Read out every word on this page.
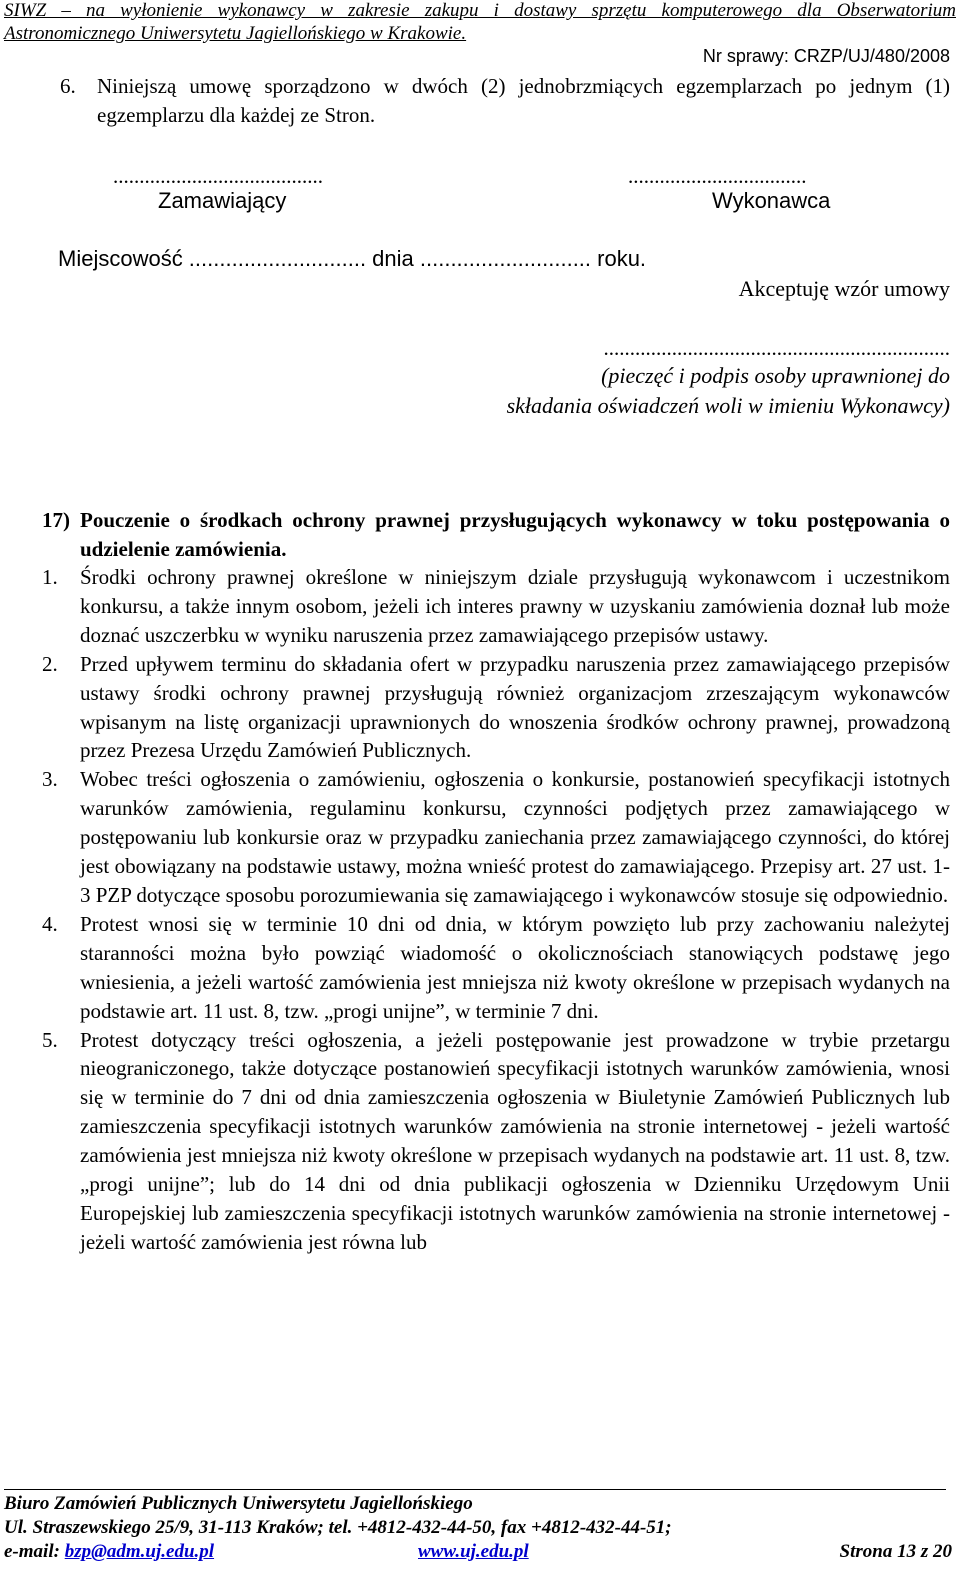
SIWZ – na wyłonienie wykonawcy w zakresie zakupu i dostawy sprzętu komputerowego dla Obserwatorium
Astronomicznego Uniwersytetu Jagiellońskiego w Krakowie.
Nr sprawy: CRZP/UJ/480/2008
6. Niniejszą umowę sporządzono w dwóch (2) jednobrzmiących egzemplarzach po jednym (1) egzemplarzu dla każdej ze Stron.
........................................	..................................
Zamawiający	Wykonawca
Miejscowość ............................. dnia ............................ roku.
Akceptuję wzór umowy
..................................................................
(pieczęć i podpis osoby uprawnionej do
składania oświadczeń woli w imieniu Wykonawcy)
17) Pouczenie o środkach ochrony prawnej przysługujących wykonawcy w toku postępowania o udzielenie zamówienia.
1. Środki ochrony prawnej określone w niniejszym dziale przysługują wykonawcom i uczestnikom konkursu, a także innym osobom, jeżeli ich interes prawny w uzyskaniu zamówienia doznał lub może doznać uszczerbku w wyniku naruszenia przez zamawiającego przepisów ustawy.
2. Przed upływem terminu do składania ofert w przypadku naruszenia przez zamawiającego przepisów ustawy środki ochrony prawnej przysługują również organizacjom zrzeszającym wykonawców wpisanym na listę organizacji uprawnionych do wnoszenia środków ochrony prawnej, prowadzoną przez Prezesa Urzędu Zamówień Publicznych.
3. Wobec treści ogłoszenia o zamówieniu, ogłoszenia o konkursie, postanowień specyfikacji istotnych warunków zamówienia, regulaminu konkursu, czynności podjętych przez zamawiającego w postępowaniu lub konkursie oraz w przypadku zaniechania przez zamawiającego czynności, do której jest obowiązany na podstawie ustawy, można wnieść protest do zamawiającego. Przepisy art. 27 ust. 1-3 PZP dotyczące sposobu porozumiewania się zamawiającego i wykonawców stosuje się odpowiednio.
4. Protest wnosi się w terminie 10 dni od dnia, w którym powzięto lub przy zachowaniu należytej staranności można było powziąć wiadomość o okolicznościach stanowiących podstawę jego wniesienia, a jeżeli wartość zamówienia jest mniejsza niż kwoty określone w przepisach wydanych na podstawie art. 11 ust. 8, tzw. „progi unijne”, w terminie 7 dni.
5. Protest dotyczący treści ogłoszenia, a jeżeli postępowanie jest prowadzone w trybie przetargu nieograniczonego, także dotyczące postanowień specyfikacji istotnych warunków zamówienia, wnosi się w terminie do 7 dni od dnia zamieszczenia ogłoszenia w Biuletynie Zamówień Publicznych lub zamieszczenia specyfikacji istotnych warunków zamówienia na stronie internetowej - jeżeli wartość zamówienia jest mniejsza niż kwoty określone w przepisach wydanych na podstawie art. 11 ust. 8, tzw. „progi unijne”; lub do 14 dni od dnia publikacji ogłoszenia w Dzienniku Urzędowym Unii Europejskiej lub zamieszczenia specyfikacji istotnych warunków zamówienia na stronie internetowej - jeżeli wartość zamówienia jest równa lub
Biuro Zamówień Publicznych Uniwersytetu Jagiellońskiego
Ul. Straszewskiego 25/9, 31-113 Kraków; tel. +4812-432-44-50, fax +4812-432-44-51;
e-mail: bzp@adm.uj.edu.pl	www.uj.edu.pl	Strona 13 z 20
